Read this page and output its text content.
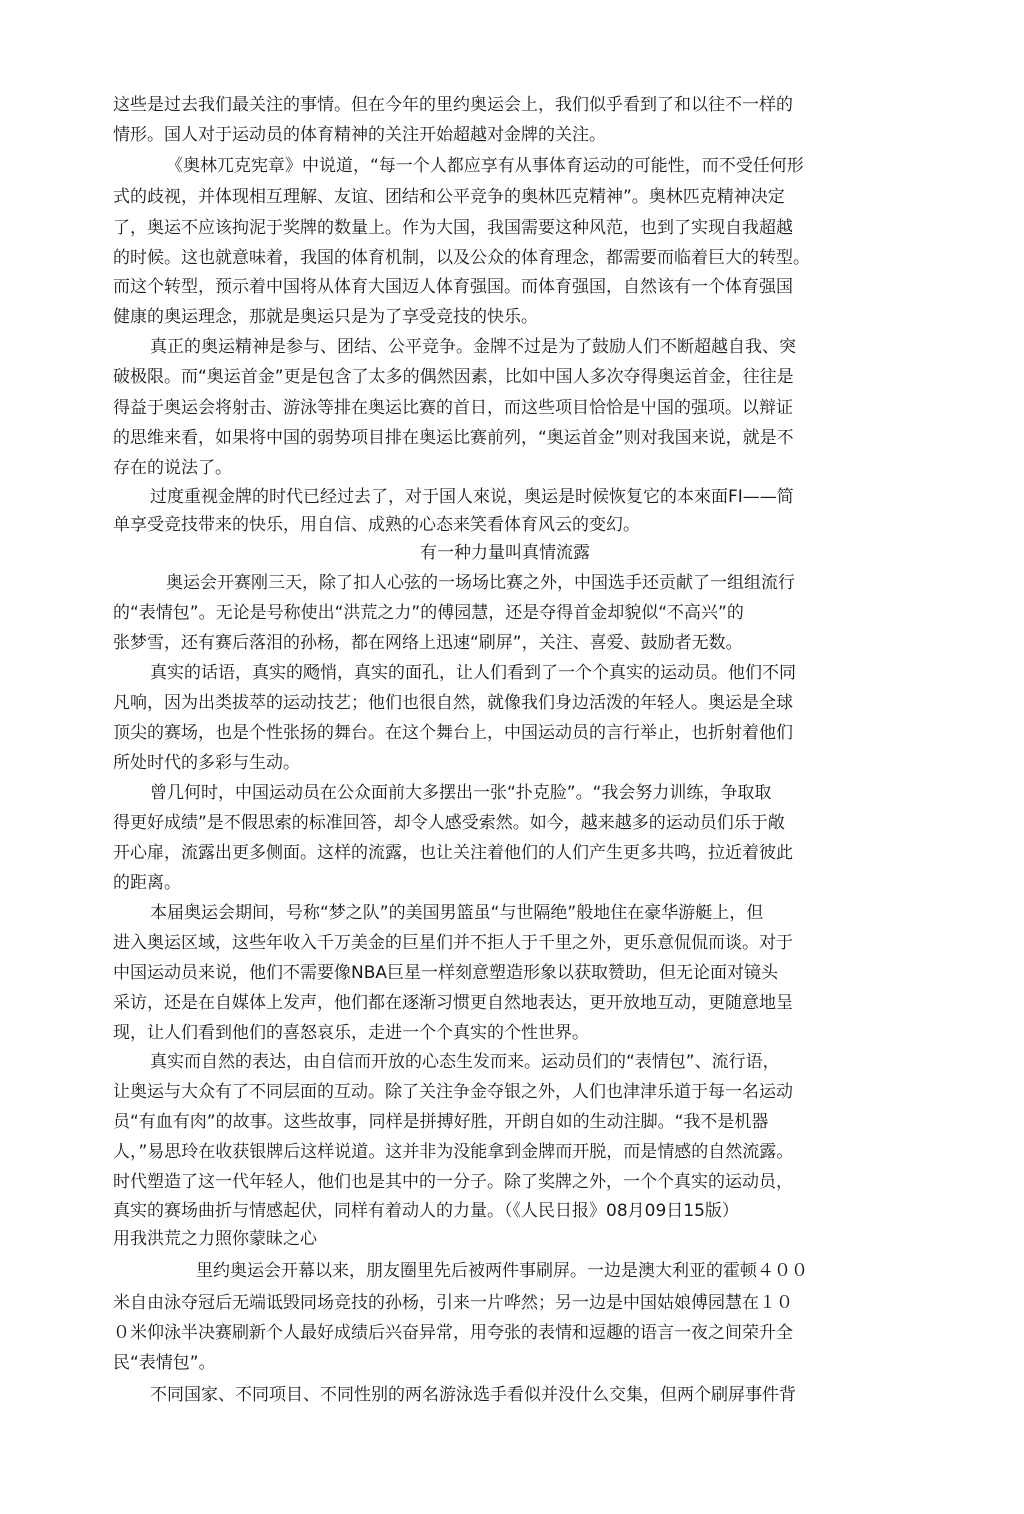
这些是过去我们最关注的事情。但在今年的里约奥运会上，我们似乎看到了和以往不一样的
情形。国人对于运动员的体育精神的关注开始超越对金牌的关注。
《奥林兀克宪章》中说道，“每一个人都应享有从事体育运动的可能性，而不受任何形
式的歧视，并体现相互理解、友谊、团结和公平竞争的奥林匹克精神”。奥林匹克精神决定
了，奥运不应该拘泥于奖牌的数量上。作为大国，我国需要这种风范，也到了实现自我超越
的时候。这也就意味着，我国的体育机制，以及公众的体育理念，都需要而临着巨大的转型。
而这个转型，预示着中国将从体育大国迈人体育强国。而体育强国，自然该有一个体育强国
健康的奥运理念，那就是奥运只是为了享受竞技的快乐。
真正的奥运精神是参与、团结、公平竞争。金牌不过是为了鼓励人们不断超越自我、突
破极限。而“奥运首金”更是包含了太多的偶然因素，比如中国人多次夺得奥运首金，往往是
得益于奥运会将射击、游泳等排在奥运比赛的首日，而这些项目恰恰是屮国的强项。以辩证
的思维来看，如果将中国的弱势项目排在奥运比赛前列，“奥运首金”则对我国来说，就是不
存在的说法了。
过度重视金牌的时代已经过去了，对于国人來说，奥运是时候恢复它的本來面FI——简
单享受竞技带来的快乐，用自信、成熟的心态来笑看体育风云的变幻。
有一种力量叫真情流露
奥运会开赛刚三天，除了扣人心弦的一场场比赛之外，中国选手还贡献了一组组流行
的“表情包”。无论是号称使出“洪荒之力”的傅园慧，还是夺得首金却貌似“不高兴”的
张梦雪，还有赛后落泪的孙杨，都在网络上迅速“刷屏”，关注、喜爱、鼓励者无数。
真实的话语，真实的飏悄，真实的面孔，让人们看到了一个个真实的运动员。他们不同
凡响，因为出类拔萃的运动技艺；他们也很自然，就像我们身边活泼的年轻人。奥运是全球
顶尖的赛场，也是个性张扬的舞台。在这个舞台上，中国运动员的言行举止，也折射着他们
所处时代的多彩与生动。
曾几何时，中国运动员在公众面前大多摆出一张“扑克脸”。“我会努力训练，争取取
得更好成绩”是不假思索的标准回答，却令人感受索然。如今，越来越多的运动员们乐于敞
开心扉，流露出更多侧面。这样的流露，也让关注着他们的人们产生更多共鸣，拉近着彼此
的距离。
本届奥运会期间，号称“梦之队”的美国男篮虽“与世隔绝”般地住在豪华游艇上，但
进入奥运区域，这些年收入千万美金的巨星们并不拒人于千里之外，更乐意侃侃而谈。对于
中国运动员来说，他们不需要像NBA巨星一样刻意塑造形象以获取赞助，但无论面对镜头
采访，还是在自媒体上发声，他们都在逐渐习惯更自然地表达，更开放地互动，更随意地呈
现，让人们看到他们的喜怒哀乐，走进一个个真实的个性世界。
真实而自然的表达，由自信而开放的心态生发而来。运动员们的“表情包”、流行语，
让奥运与大众有了不同层面的互动。除了关注争金夺银之外，人们也津津乐道于每一名运动
员“有血有肉”的故事。这些故事，同样是拼搏好胜，开朗自如的生动注脚。“我不是机器
人，”易思玲在收获银牌后这样说道。这并非为没能拿到金牌而开脱，而是情感的自然流露。
时代塑造了这一代年轻人，他们也是其中的一分子。除了奖牌之外，一个个真实的运动员，
真实的赛场曲折与情感起伏，同样有着动人的力量。（《人民日报》08月09日15版）
用我洪荒之力照你蒙昧之心
里约奥运会开幕以来，朋友圈里先后被两件事刷屏。一边是澳大利亚的霍顿４００
米自由泳夺冠后无端诋毁同场竞技的孙杨，引来一片哗然；另一边是中国姑娘傅园慧在１０
０米仰泳半决赛刷新个人最好成绩后兴奋异常，用夸张的表情和逗趣的语言一夜之间荣升全
民“表情包”。
不同国家、不同项目、不同性别的两名游泳选手看似并没什么交集，但两个刷屏事件背
